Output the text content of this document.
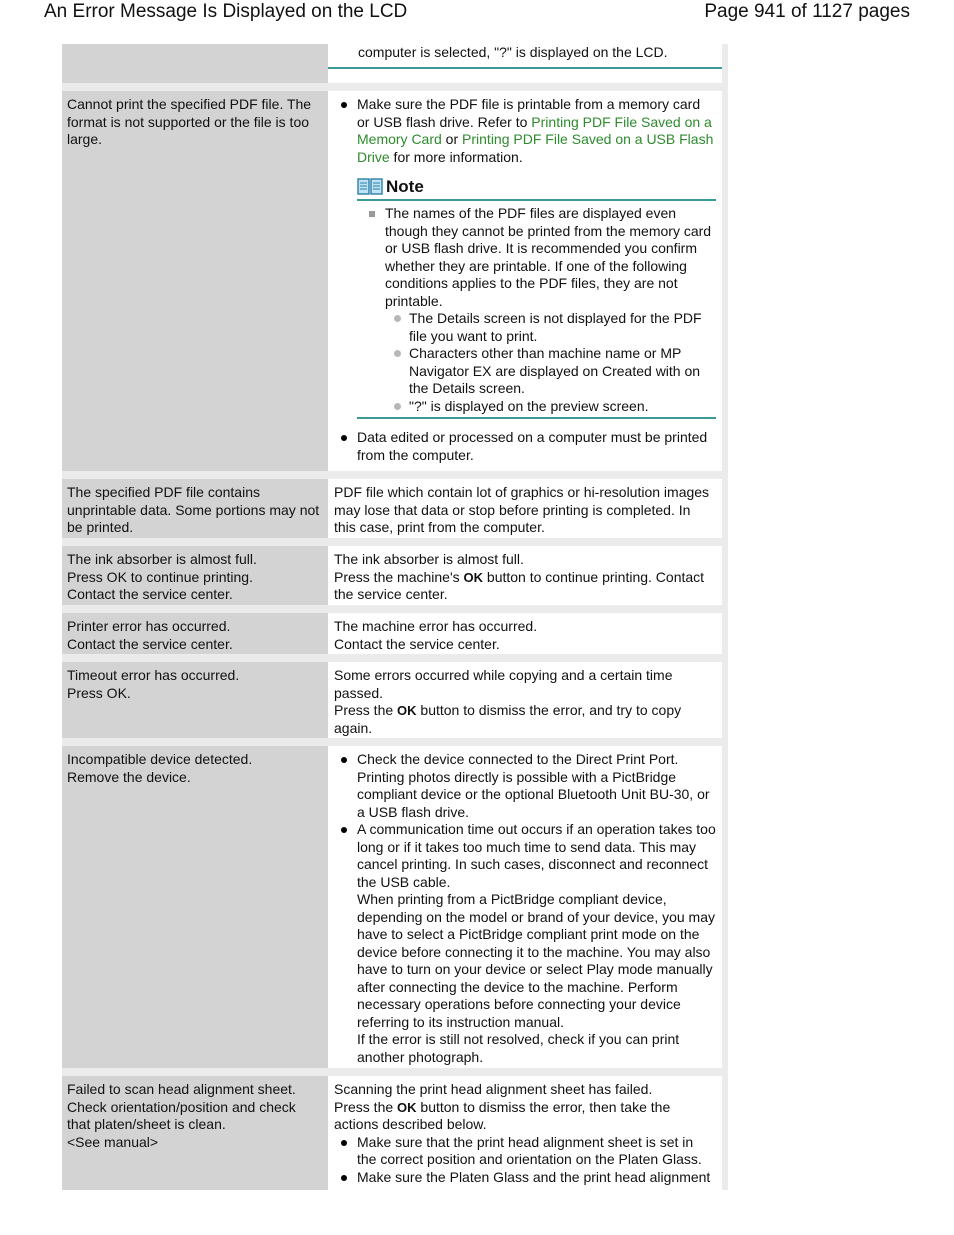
An Error Message Is Displayed on the LCD	Page 941 of 1127 pages
computer is selected, "?" is displayed on the LCD.
Cannot print the specified PDF file. The format is not supported or the file is too large.
Make sure the PDF file is printable from a memory card or USB flash drive. Refer to Printing PDF File Saved on a Memory Card or Printing PDF File Saved on a USB Flash Drive for more information.
Note
The names of the PDF files are displayed even though they cannot be printed from the memory card or USB flash drive. It is recommended you confirm whether they are printable. If one of the following conditions applies to the PDF files, they are not printable.
The Details screen is not displayed for the PDF file you want to print.
Characters other than machine name or MP Navigator EX are displayed on Created with on the Details screen.
"?" is displayed on the preview screen.
Data edited or processed on a computer must be printed from the computer.
The specified PDF file contains unprintable data. Some portions may not be printed.
PDF file which contain lot of graphics or hi-resolution images may lose that data or stop before printing is completed. In this case, print from the computer.
The ink absorber is almost full.
Press OK to continue printing.
Contact the service center.
The ink absorber is almost full.
Press the machine's OK button to continue printing. Contact the service center.
Printer error has occurred.
Contact the service center.
The machine error has occurred.
Contact the service center.
Timeout error has occurred.
Press OK.
Some errors occurred while copying and a certain time passed.
Press the OK button to dismiss the error, and try to copy again.
Incompatible device detected.
Remove the device.
Check the device connected to the Direct Print Port. Printing photos directly is possible with a PictBridge compliant device or the optional Bluetooth Unit BU-30, or a USB flash drive.
A communication time out occurs if an operation takes too long or if it takes too much time to send data. This may cancel printing. In such cases, disconnect and reconnect the USB cable.
When printing from a PictBridge compliant device, depending on the model or brand of your device, you may have to select a PictBridge compliant print mode on the device before connecting it to the machine. You may also have to turn on your device or select Play mode manually after connecting the device to the machine. Perform necessary operations before connecting your device referring to its instruction manual.
If the error is still not resolved, check if you can print another photograph.
Failed to scan head alignment sheet.
Check orientation/position and check that platen/sheet is clean.
<See manual>
Scanning the print head alignment sheet has failed.
Press the OK button to dismiss the error, then take the actions described below.
Make sure that the print head alignment sheet is set in the correct position and orientation on the Platen Glass.
Make sure the Platen Glass and the print head alignment
